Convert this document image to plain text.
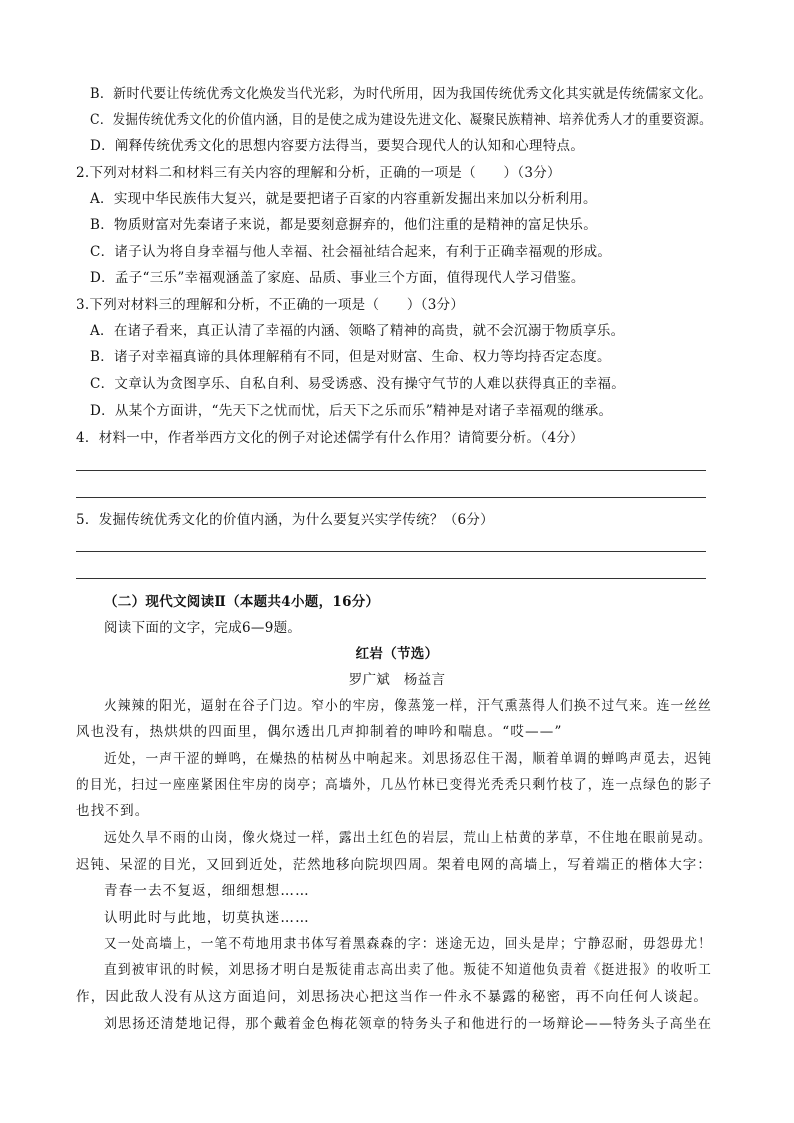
B．新时代要让传统优秀文化焕发当代光彩，为时代所用，因为我国传统优秀文化其实就是传统儒家文化。
C．发掘传统优秀文化的价值内涵，目的是使之成为建设先进文化、凝聚民族精神、培养优秀人才的重要资源。
D．阐释传统优秀文化的思想内容要方法得当，要契合现代人的认知和心理特点。
2.下列对材料二和材料三有关内容的理解和分析，正确的一项是（　　）（3分）
A．实现中华民族伟大复兴，就是要把诸子百家的内容重新发掘出来加以分析利用。
B．物质财富对先秦诸子来说，都是要刻意摒弃的，他们注重的是精神的富足快乐。
C．诸子认为将自身幸福与他人幸福、社会福祉结合起来，有利于正确幸福观的形成。
D．孟子“三乐”幸福观涵盖了家庭、品质、事业三个方面，值得现代人学习借鉴。
3.下列对材料三的理解和分析，不正确的一项是（　　）（3分）
A．在诸子看来，真正认清了幸福的内涵、领略了精神的高贵，就不会沉溺于物质享乐。
B．诸子对幸福真谛的具体理解稍有不同，但是对财富、生命、权力等均持否定态度。
C．文章认为贪图享乐、自私自利、易受诱惑、没有操守气节的人难以获得真正的幸福。
D．从某个方面讲，“先天下之忧而忧，后天下之乐而乐”精神是对诸子幸福观的继承。
4．材料一中，作者举西方文化的例子对论述儒学有什么作用？请简要分析。（4分）
5．发掘传统优秀文化的价值内涵，为什么要复兴实学传统？（6分）
（二）现代文阅读Ⅱ（本题共4小题，16分）
阅读下面的文字，完成6—9题。
红岩（节选）
罗广斌　杨益言
火辣辣的阳光，逼射在谷子门边。窄小的牢房，像蒸笼一样，汗气熏蒸得人们换不过气来。连一丝丝
风也没有，热烘烘的四面里，偶尔透出几声抑制着的呻吟和喘息。“哎——”
近处，一声干涩的蝉鸣，在燥热的枯树丛中响起来。刘思扬忍住干渴，顺着单调的蝉鸣声觅去，迟钝
的目光，扫过一座座紧困住牢房的岗亭；高墙外，几丛竹林已变得光秃秃只剩竹枝了，连一点绿色的影子
也找不到。
远处久旱不雨的山岗，像火烧过一样，露出土红色的岩层，荒山上枯黄的茅草，不住地在眼前晃动。
迟钝、呆涩的目光，又回到近处，茫然地移向院坝四周。架着电网的高墙上，写着端正的楷体大字：
青春一去不复返，细细想想……
认明此时与此地，切莫执迷……
又一处高墙上，一笔不苟地用隶书体写着黑森森的字：迷途无边，回头是岸；宁静忍耐，毋怨毋尤！
直到被审讯的时候，刘思扬才明白是叛徒甫志高出卖了他。叛徒不知道他负责着《挺进报》的收听工
作，因此敌人没有从这方面追问，刘思扬决心把这当作一件永不暴露的秘密，再不向任何人谈起。
刘思扬还清楚地记得，那个戴着金色梅花领章的特务头子和他进行的一场辩论——特务头子高坐在
